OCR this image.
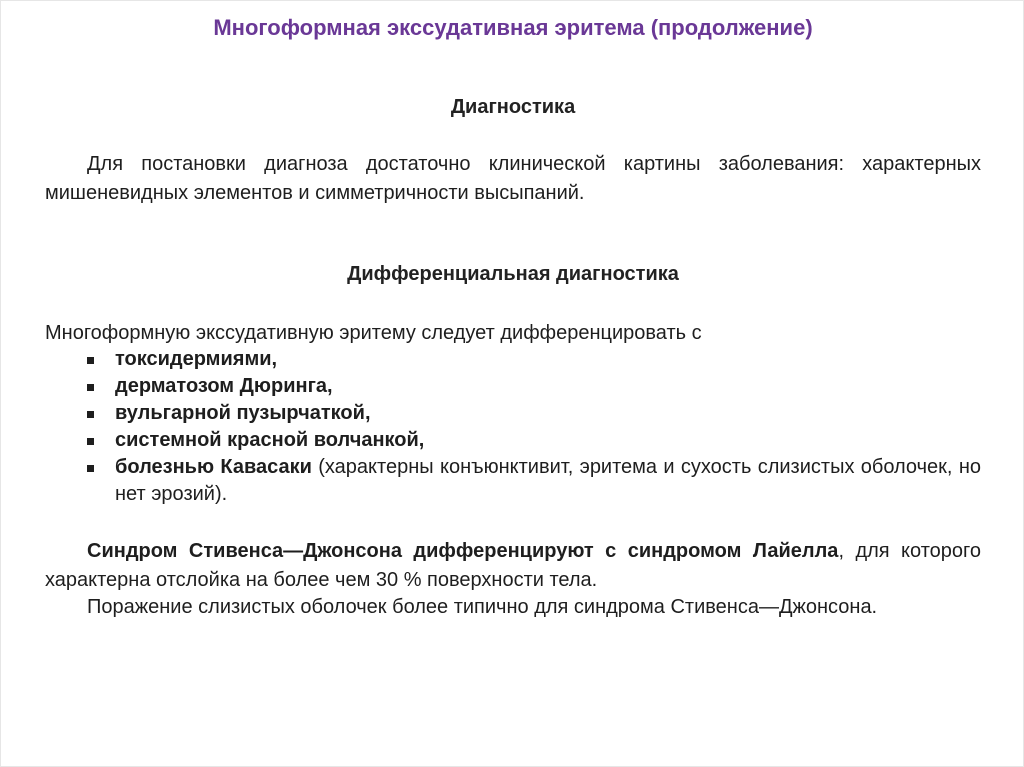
Многоформная экссудативная эритема (продолжение)
Диагностика
Для постановки диагноза достаточно клинической картины заболевания: характерных мишеневидных элементов и симметричности высыпаний.
Дифференциальная диагностика
Многоформную экссудативную эритему следует дифференцировать с
токсидермиями,
дерматозом Дюринга,
вульгарной пузырчаткой,
системной красной волчанкой,
болезнью Кавасаки (характерны конъюнктивит, эритема и сухость слизистых оболочек, но нет эрозий).
Синдром Стивенса—Джонсона дифференцируют с синдромом Лайелла, для которого характерна отслойка на более чем 30 % поверхности тела.
Поражение слизистых оболочек более типично для синдрома Стивенса—Джонсона.
